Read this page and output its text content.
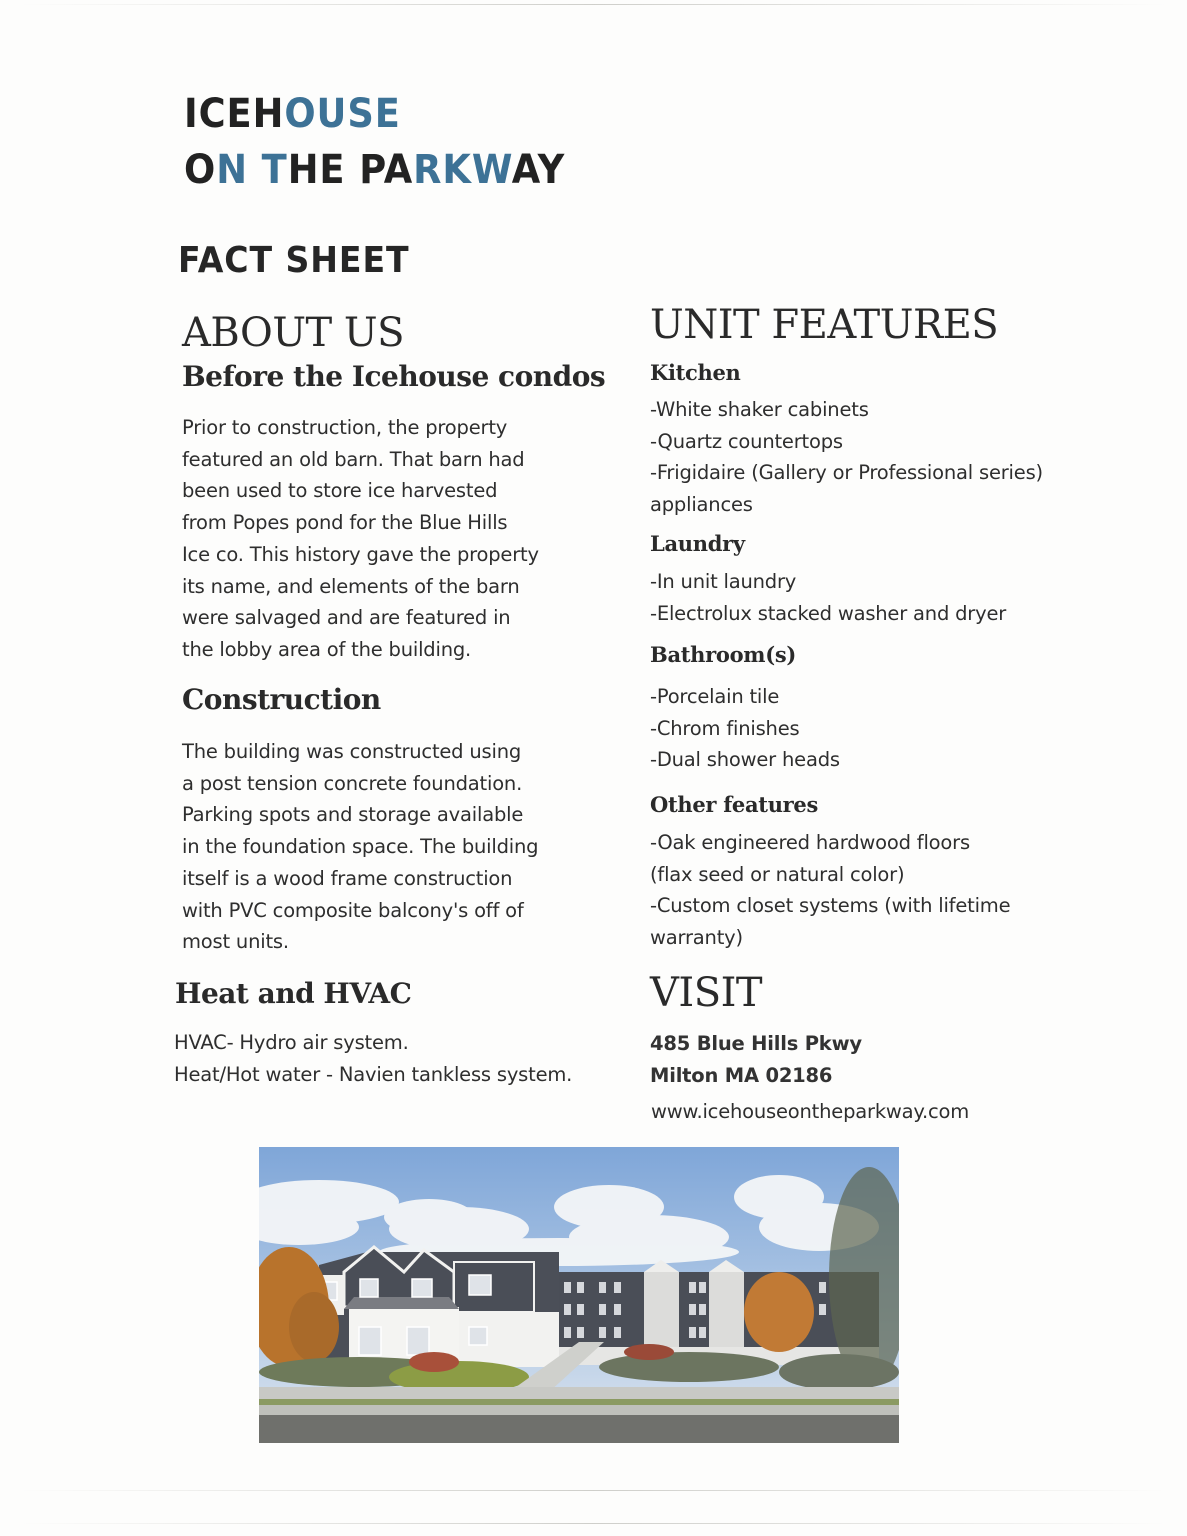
ICEHOUSE
ON THE PARKWAY
FACT SHEET
ABOUT US
Before the Icehouse condos
Prior to construction, the property
featured an old barn. That barn had
been used to store ice harvested
from Popes pond for the Blue Hills
Ice co. This history gave the property
its name, and elements of the barn
were salvaged and are featured in
the lobby area of the building.
Construction
The building was constructed using
a post tension concrete foundation.
Parking spots and storage available
in the foundation space. The building
itself is a wood frame construction
with PVC composite balcony's off of
most units.
Heat and HVAC
HVAC- Hydro air system.
Heat/Hot water - Navien tankless system.
UNIT FEATURES
Kitchen
-White shaker cabinets
-Quartz countertops
-Frigidaire (Gallery or Professional series)
appliances
Laundry
-In unit laundry
-Electrolux stacked washer and dryer
Bathroom(s)
-Porcelain tile
-Chrom finishes
-Dual shower heads
Other features
-Oak engineered hardwood floors
(flax seed or natural color)
-Custom closet systems (with lifetime
warranty)
VISIT
485 Blue Hills Pkwy
Milton MA 02186
www.icehouseontheparkway.com
